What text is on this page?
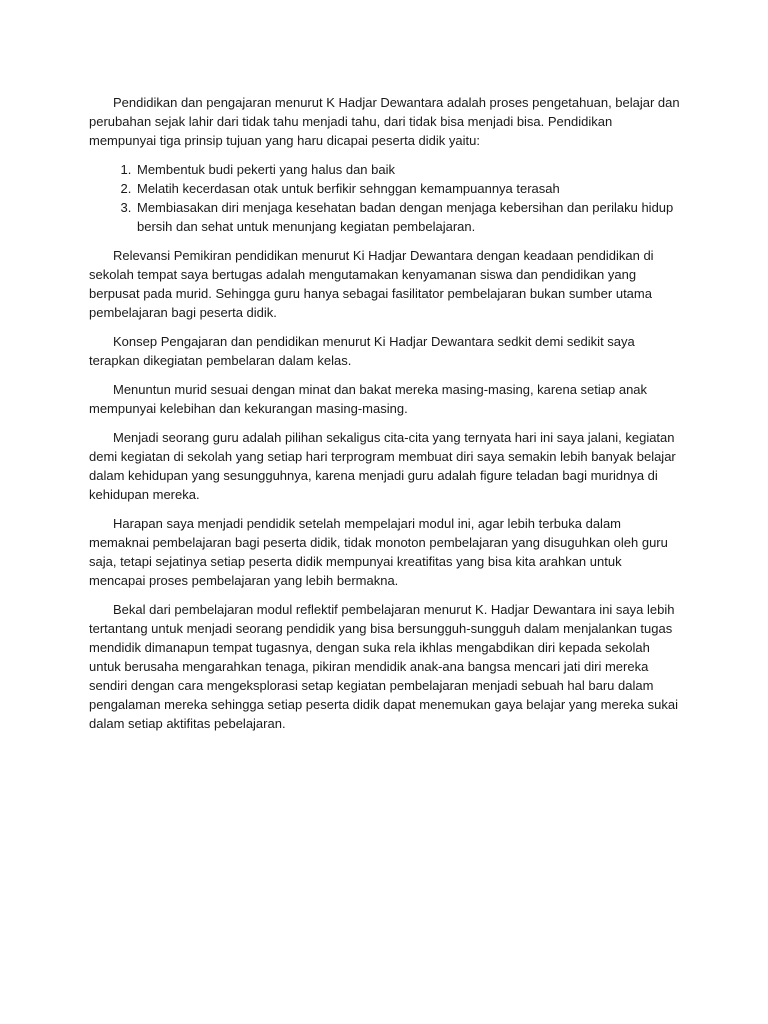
Pendidikan dan pengajaran menurut K Hadjar Dewantara adalah proses pengetahuan, belajar dan perubahan sejak lahir dari tidak tahu menjadi tahu, dari tidak bisa menjadi bisa. Pendidikan mempunyai tiga prinsip tujuan yang haru dicapai peserta didik yaitu:

1. Membentuk budi pekerti yang halus dan baik
2. Melatih kecerdasan otak untuk berfikir sehnggan kemampuannya terasah
3. Membiasakan diri menjaga kesehatan badan dengan menjaga kebersihan dan perilaku hidup bersih dan sehat untuk menunjang kegiatan pembelajaran.

Relevansi Pemikiran pendidikan menurut Ki Hadjar Dewantara dengan keadaan pendidikan di sekolah tempat saya bertugas adalah mengutamakan kenyamanan siswa dan pendidikan yang berpusat pada murid. Sehingga guru hanya sebagai fasilitator pembelajaran bukan sumber utama pembelajaran bagi peserta didik.

Konsep Pengajaran dan pendidikan menurut Ki Hadjar Dewantara sedkit demi sedikit saya terapkan dikegiatan pembelaran dalam kelas.

Menuntun murid sesuai dengan minat dan bakat mereka masing-masing, karena setiap anak mempunyai kelebihan dan kekurangan masing-masing.

Menjadi seorang guru adalah pilihan sekaligus cita-cita yang ternyata hari ini saya jalani, kegiatan demi kegiatan di sekolah yang setiap hari terprogram membuat diri saya semakin lebih banyak belajar dalam kehidupan yang sesungguhnya, karena menjadi guru adalah figure teladan bagi muridnya di kehidupan mereka.

Harapan saya menjadi pendidik setelah mempelajari modul ini, agar lebih terbuka dalam memaknai pembelajaran bagi peserta didik, tidak monoton pembelajaran yang disuguhkan oleh guru saja, tetapi sejatinya setiap peserta didik mempunyai kreatifitas yang bisa kita arahkan untuk mencapai proses pembelajaran yang lebih bermakna.

Bekal dari pembelajaran modul reflektif pembelajaran menurut K. Hadjar Dewantara ini saya lebih tertantang untuk menjadi seorang pendidik yang bisa bersungguh-sungguh dalam menjalankan tugas mendidik dimanapun tempat tugasnya, dengan suka rela ikhlas mengabdikan diri kepada sekolah untuk berusaha mengarahkan tenaga, pikiran mendidik anak-ana bangsa mencari jati diri mereka sendiri dengan cara mengeksplorasi setap kegiatan pembelajaran menjadi sebuah hal baru dalam pengalaman mereka sehingga setiap peserta didik dapat menemukan gaya belajar yang mereka sukai dalam setiap aktifitas pebelajaran.
